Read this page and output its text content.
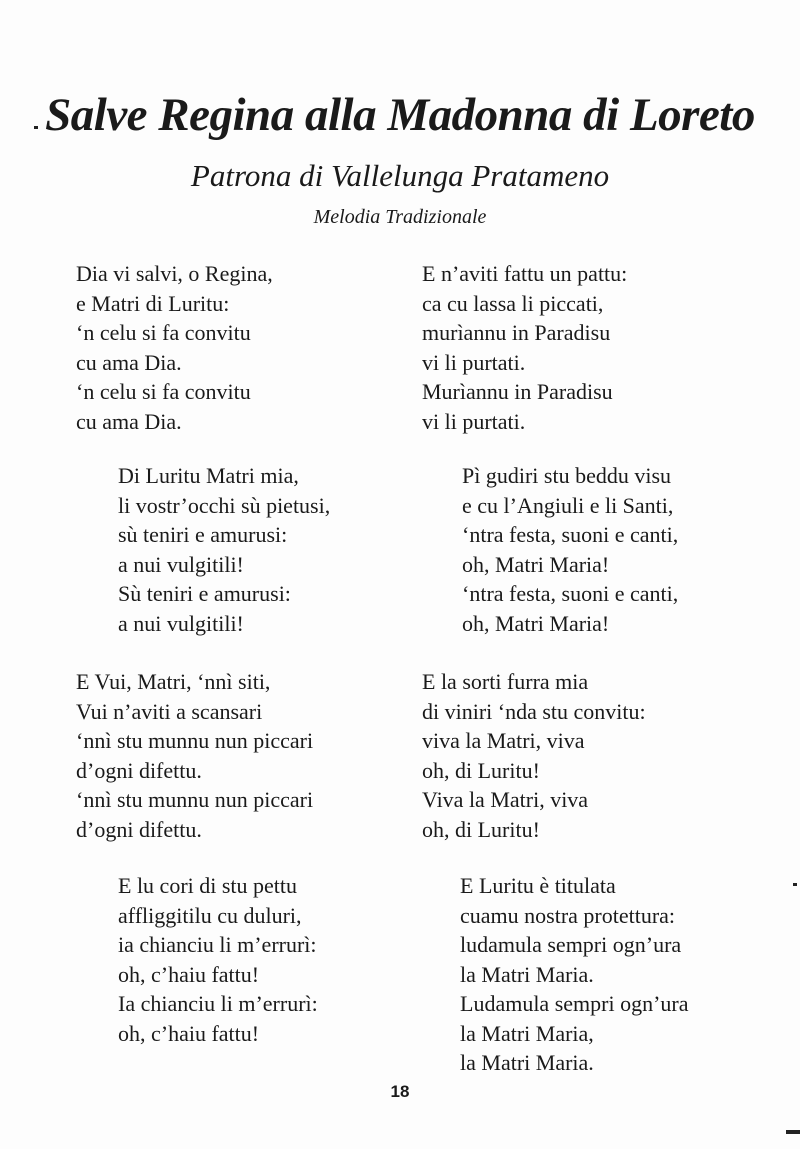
Salve Regina alla Madonna di Loreto
Patrona di Vallelunga Pratameno
Melodia Tradizionale
Dia vi salvi, o Regina,
e Matri di Luritu:
‘n celu si fa convitu
cu ama Dia.
‘n celu si fa convitu
cu ama Dia.
Di Luritu Matri mia,
li vostr’occhi sù pietusi,
sù teniri e amurusi:
a nui vulgitili!
Sù teniri e amurusi:
a nui vulgitili!
E Vui, Matri, ‘nnì siti,
Vui n’aviti a scansari
‘nnì stu munnu nun piccari
d’ogni difettu.
‘nnì stu munnu nun piccari
d’ogni difettu.
E lu cori di stu pettu
affliggitilu cu duluri,
ia chianciu li m’errurì:
oh, c’haiu fattu!
Ia chianciu li m’errurì:
oh, c’haiu fattu!
E n’aviti fattu un pattu:
ca cu lassa li piccati,
murìannu in Paradisu
vi li purtati.
Murìannu in Paradisu
vi li purtati.
Pì gudiri stu beddu visu
e cu l’Angiuli e li Santi,
‘ntra festa, suoni e canti,
oh, Matri Maria!
‘ntra festa, suoni e canti,
oh, Matri Maria!
E la sorti furra mia
di viniri ‘nda stu convitu:
viva la Matri, viva
oh, di Luritu!
Viva la Matri, viva
oh, di Luritu!
E Luritu è titulata
cuamu nostra protettura:
ludamula sempri ogn’ura
la Matri Maria.
Ludamula sempri ogn’ura
la Matri Maria,
la Matri Maria.
18
